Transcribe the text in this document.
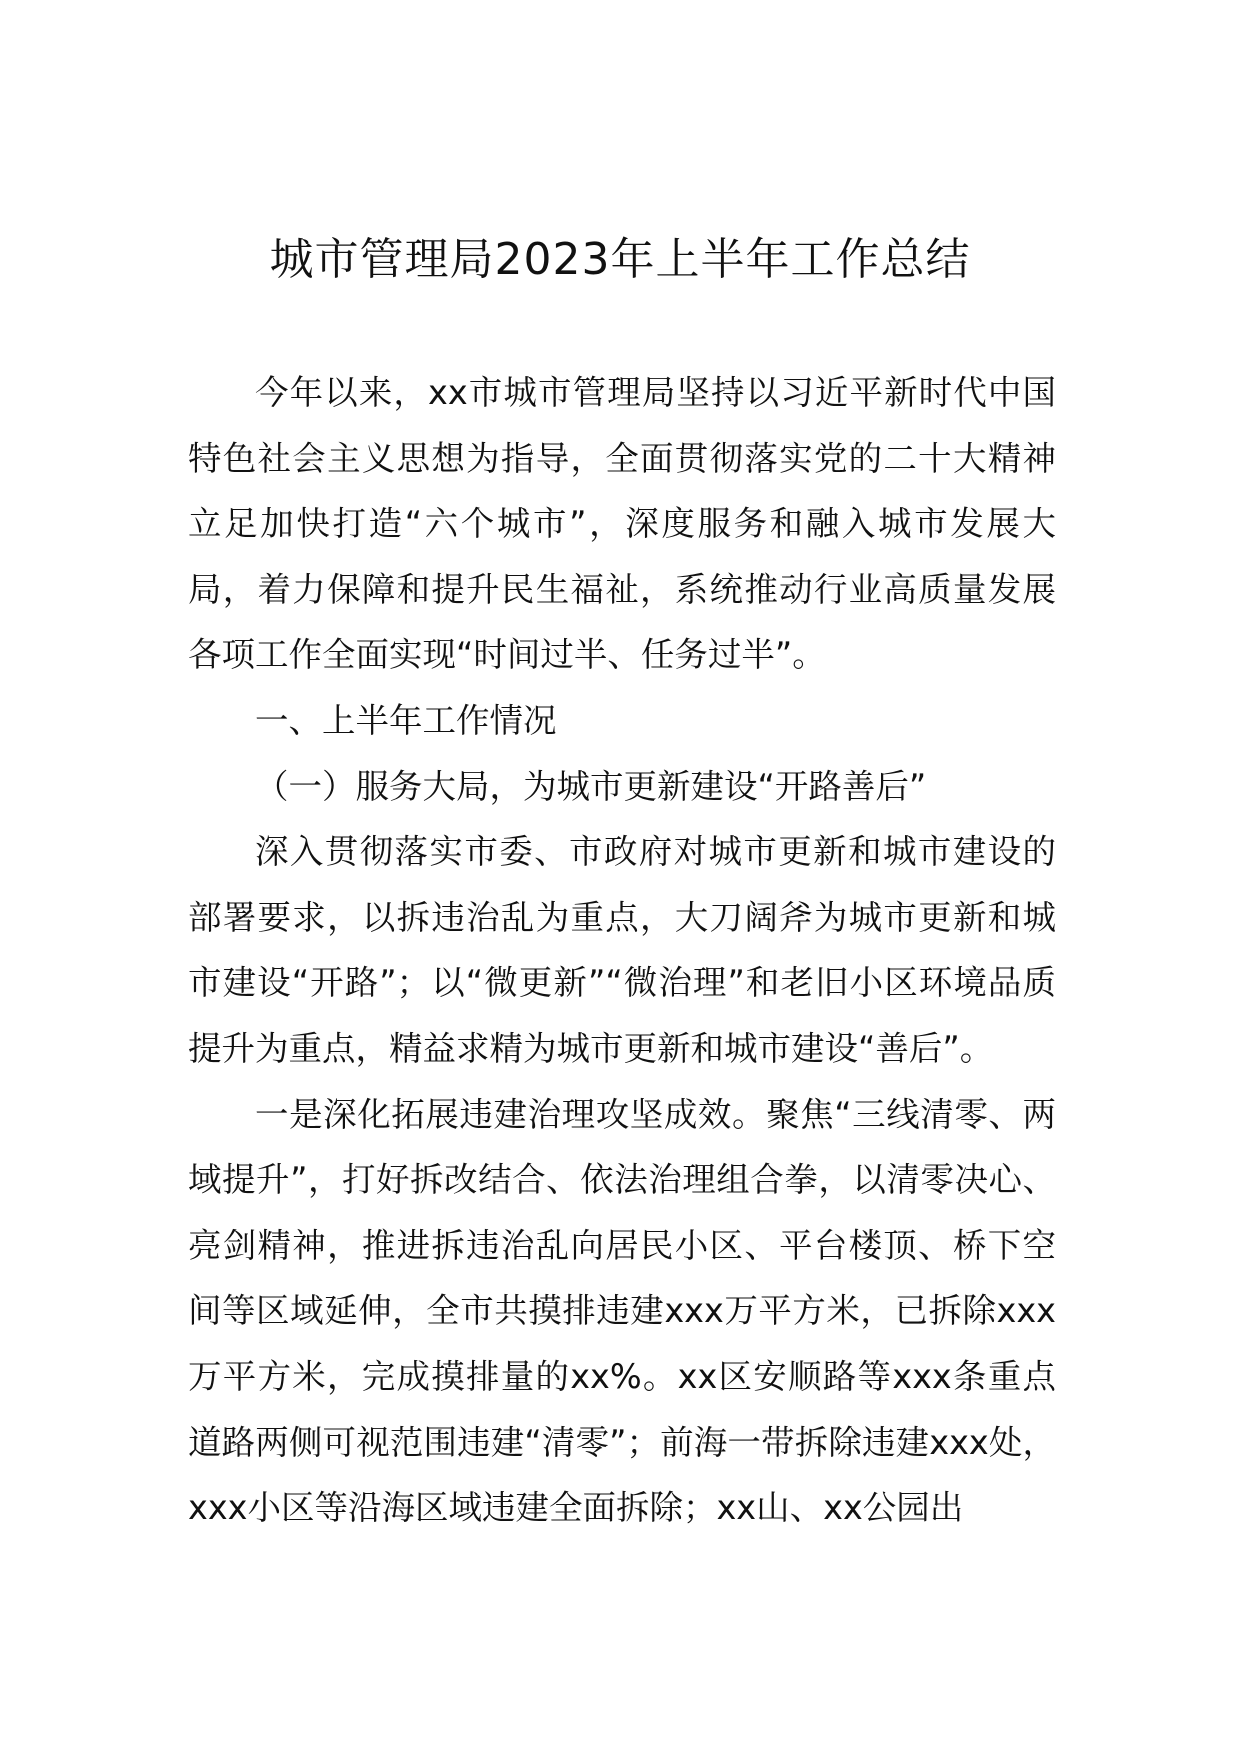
城市管理局2023年上半年工作总结

今年以来，xx市城市管理局坚持以习近平新时代中国特色社会主义思想为指导，全面贯彻落实党的二十大精神立足加快打造“六个城市”，深度服务和融入城市发展大局，着力保障和提升民生福祉，系统推动行业高质量发展各项工作全面实现“时间过半、任务过半”。

一、上半年工作情况

（一）服务大局，为城市更新建设“开路善后”

深入贯彻落实市委、市政府对城市更新和城市建设的部署要求，以拆违治乱为重点，大刀阔斧为城市更新和城市建设“开路”；以“微更新”“微治理”和老旧小区环境品质提升为重点，精益求精为城市更新和城市建设“善后”。

一是深化拓展违建治理攻坚成效。聚焦“三线清零、两域提升”，打好拆改结合、依法治理组合拳，以清零决心、亮剑精神，推进拆违治乱向居民小区、平台楼顶、桥下空间等区域延伸，全市共摸排违建xxx万平方米，已拆除xxx万平方米，完成摸排量的xx%。xx区安顺路等xxx条重点道路两侧可视范围违建“清零”；前海一带拆除违建xxx处，xxx小区等沿海区域违建全面拆除；xx山、xx公园出
